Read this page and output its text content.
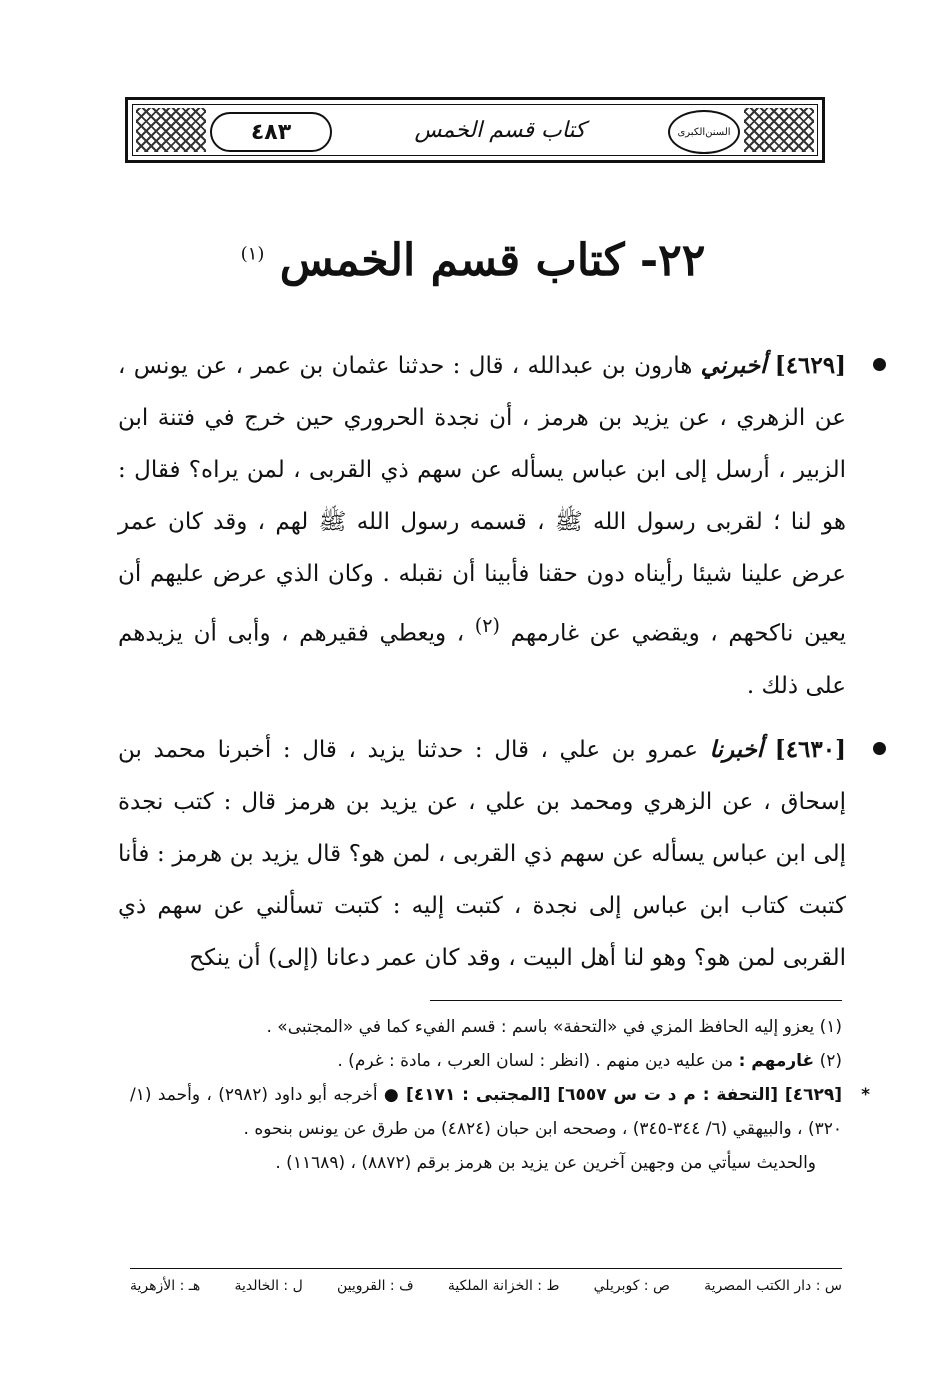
٤٨٣	كتاب قسم الخمس	السنن
الكبرى
٢٢- كتاب قسم الخمس $^{(١)}$
[٤٦٢٩] أخبرني هارون بن عبدالله ، قال : حدثنا عثمان بن عمر ، عن يونس ، عن الزهري ، عن يزيد بن هرمز ، أن نجدة الحروري حين خرج في فتنة ابن الزبير ، أرسل إلى ابن عباس يسأله عن سهم ذي القربى ، لمن يراه؟ فقال : هو لنا ؛ لقربى رسول الله ﷺ ، قسمه رسول الله ﷺ لهم ، وقد كان عمر عرض علينا شيئا رأيناه دون حقنا فأبينا أن نقبله . وكان الذي عرض عليهم أن يعين ناكحهم ، ويقضي عن غارمهم $^{(٢)}$ ، ويعطي فقيرهم ، وأبى أن يزيدهم على ذلك .
[٤٦٣٠] أخبرنا عمرو بن علي ، قال : حدثنا يزيد ، قال : أخبرنا محمد بن إسحاق ، عن الزهري ومحمد بن علي ، عن يزيد بن هرمز قال : كتب نجدة إلى ابن عباس يسأله عن سهم ذي القربى ، لمن هو؟ قال يزيد بن هرمز : فأنا كتبت كتاب ابن عباس إلى نجدة ، كتبت إليه : كتبت تسألني عن سهم ذي القربى لمن هو؟ وهو لنا أهل البيت ، وقد كان عمر دعانا (إلى) أن ينكح

(١) يعزو إليه الحافظ المزي في «التحفة» باسم : قسم الفيء كما في «المجتبى» .

(٢) غارمهم : من عليه دين منهم . (انظر : لسان العرب ، مادة : غرم) .

*
[٤٦٢٩] [التحفة : م د ت س ٦٥٥٧] [المجتبى : ٤١٧١] ● أخرجه أبو داود (٢٩٨٢) ، وأحمد (١/ ٣٢٠) ، والبيهقي (٦/ ٣٤٤-٣٤٥) ، وصححه ابن حبان (٤٨٢٤) من طرق عن يونس بنحوه .

والحديث سيأتي من وجهين آخرين عن يزيد بن هرمز برقم (٨٨٧٢) ، (١١٦٨٩) .

س : دار الكتب المصرية
ص : كوبريلي
ط : الخزانة الملكية
ف : القرويين
ل : الخالدية
هـ : الأزهرية
